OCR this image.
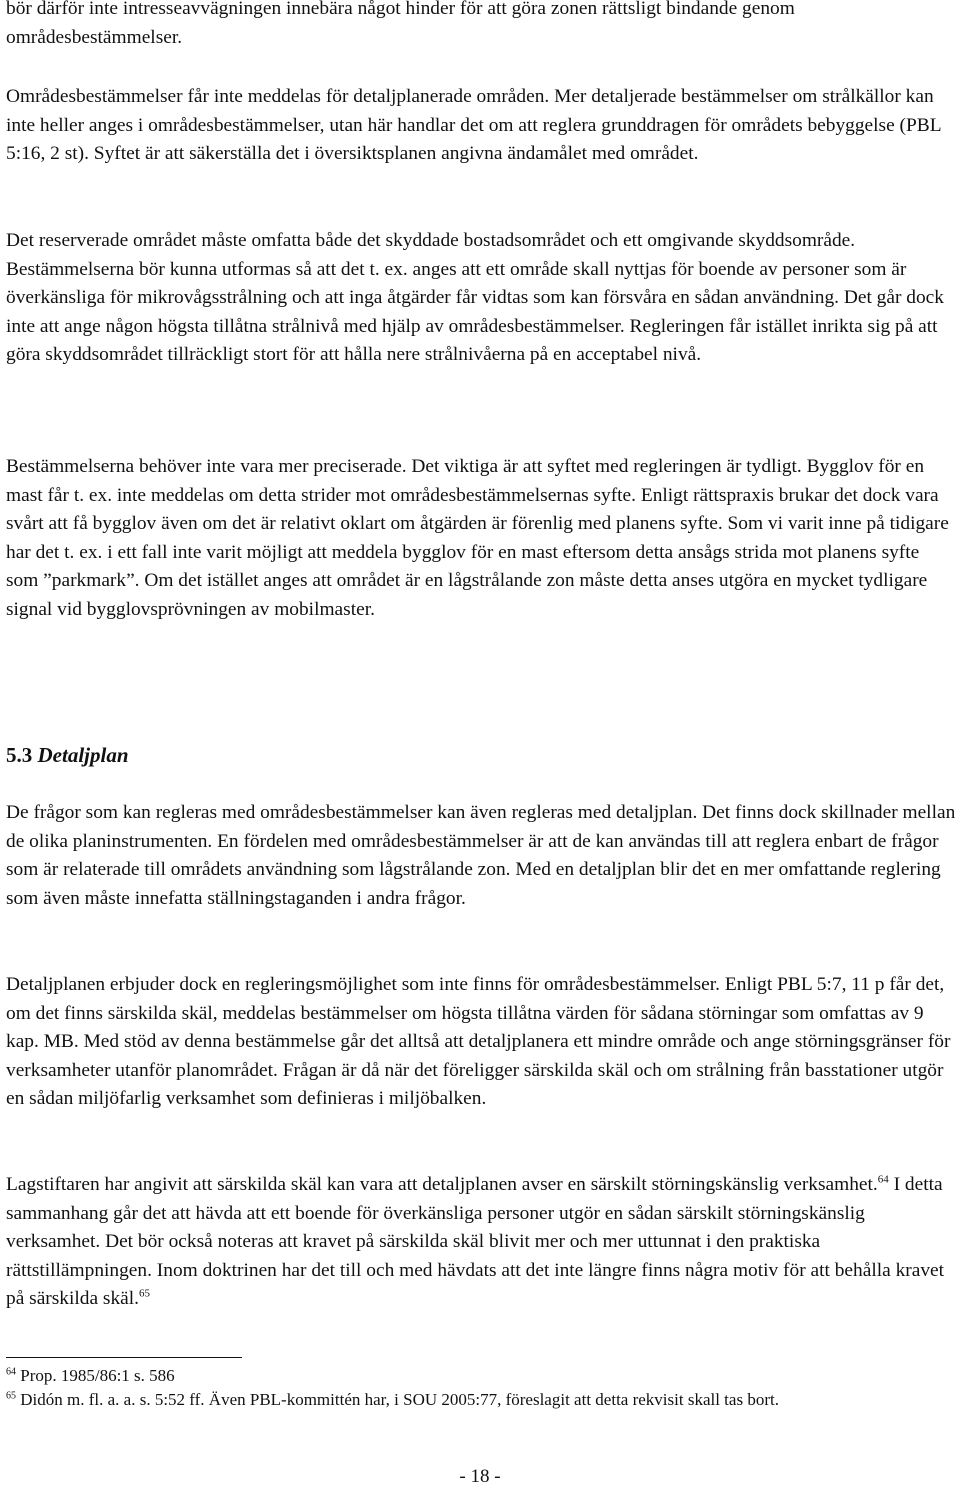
bör därför inte intresseavvägningen innebära något hinder för att göra zonen rättsligt bindande genom områdesbestämmelser.

Områdesbestämmelser får inte meddelas för detaljplanerade områden. Mer detaljerade bestämmelser om strålkällor kan inte heller anges i områdesbestämmelser, utan här handlar det om att reglera grunddragen för områdets bebyggelse (PBL 5:16, 2 st). Syftet är att säkerställa det i översiktsplanen angivna ändamålet med området.

Det reserverade området måste omfatta både det skyddade bostadsområdet och ett omgivande skyddsområde. Bestämmelserna bör kunna utformas så att det t. ex. anges att ett område skall nyttjas för boende av personer som är överkänsliga för mikrovågsstrålning och att inga åtgärder får vidtas som kan försvåra en sådan användning. Det går dock inte att ange någon högsta tillåtna strålnivå med hjälp av områdesbestämmelser. Regleringen får istället inrikta sig på att göra skyddsområdet tillräckligt stort för att hålla nere strålnivåerna på en acceptabel nivå.

Bestämmelserna behöver inte vara mer preciserade. Det viktiga är att syftet med regleringen är tydligt. Bygglov för en mast får t. ex. inte meddelas om detta strider mot områdesbestämmelsernas syfte. Enligt rättspraxis brukar det dock vara svårt att få bygglov även om det är relativt oklart om åtgärden är förenlig med planens syfte. Som vi varit inne på tidigare har det t. ex. i ett fall inte varit möjligt att meddela bygglov för en mast eftersom detta ansågs strida mot planens syfte som ”parkmark”. Om det istället anges att området är en lågstrålande zon måste detta anses utgöra en mycket tydligare signal vid bygglovsprövningen av mobilmaster.

5.3 Detaljplan

De frågor som kan regleras med områdesbestämmelser kan även regleras med detaljplan. Det finns dock skillnader mellan de olika planinstrumenten. En fördelen med områdesbestämmelser är att de kan användas till att reglera enbart de frågor som är relaterade till områdets användning som lågstrålande zon. Med en detaljplan blir det en mer omfattande reglering som även måste innefatta ställningstaganden i andra frågor.

Detaljplanen erbjuder dock en regleringsmöjlighet som inte finns för områdesbestämmelser. Enligt PBL 5:7, 11 p får det, om det finns särskilda skäl, meddelas bestämmelser om högsta tillåtna värden för sådana störningar som omfattas av 9 kap. MB. Med stöd av denna bestämmelse går det alltså att detaljplanera ett mindre område och ange störningsgränser för verksamheter utanför planområdet. Frågan är då när det föreligger särskilda skäl och om strålning från basstationer utgör en sådan miljöfarlig verksamhet som definieras i miljöbalken.

Lagstiftaren har angivit att särskilda skäl kan vara att detaljplanen avser en särskilt störningskänslig verksamhet.$^{64}$ I detta sammanhang går det att hävda att ett boende för överkänsliga personer utgör en sådan särskilt störningskänslig verksamhet. Det bör också noteras att kravet på särskilda skäl blivit mer och mer uttunnat i den praktiska rättstillämpningen. Inom doktrinen har det till och med hävdats att det inte längre finns några motiv för att behålla kravet på särskilda skäl.$^{65}$

$^{64}$ Prop. 1985/86:1 s. 586

$^{65}$ Didón m. fl. a. a. s. 5:52 ff. Även PBL-kommittén har, i SOU 2005:77, föreslagit att detta rekvisit skall tas bort.

- 18 -
